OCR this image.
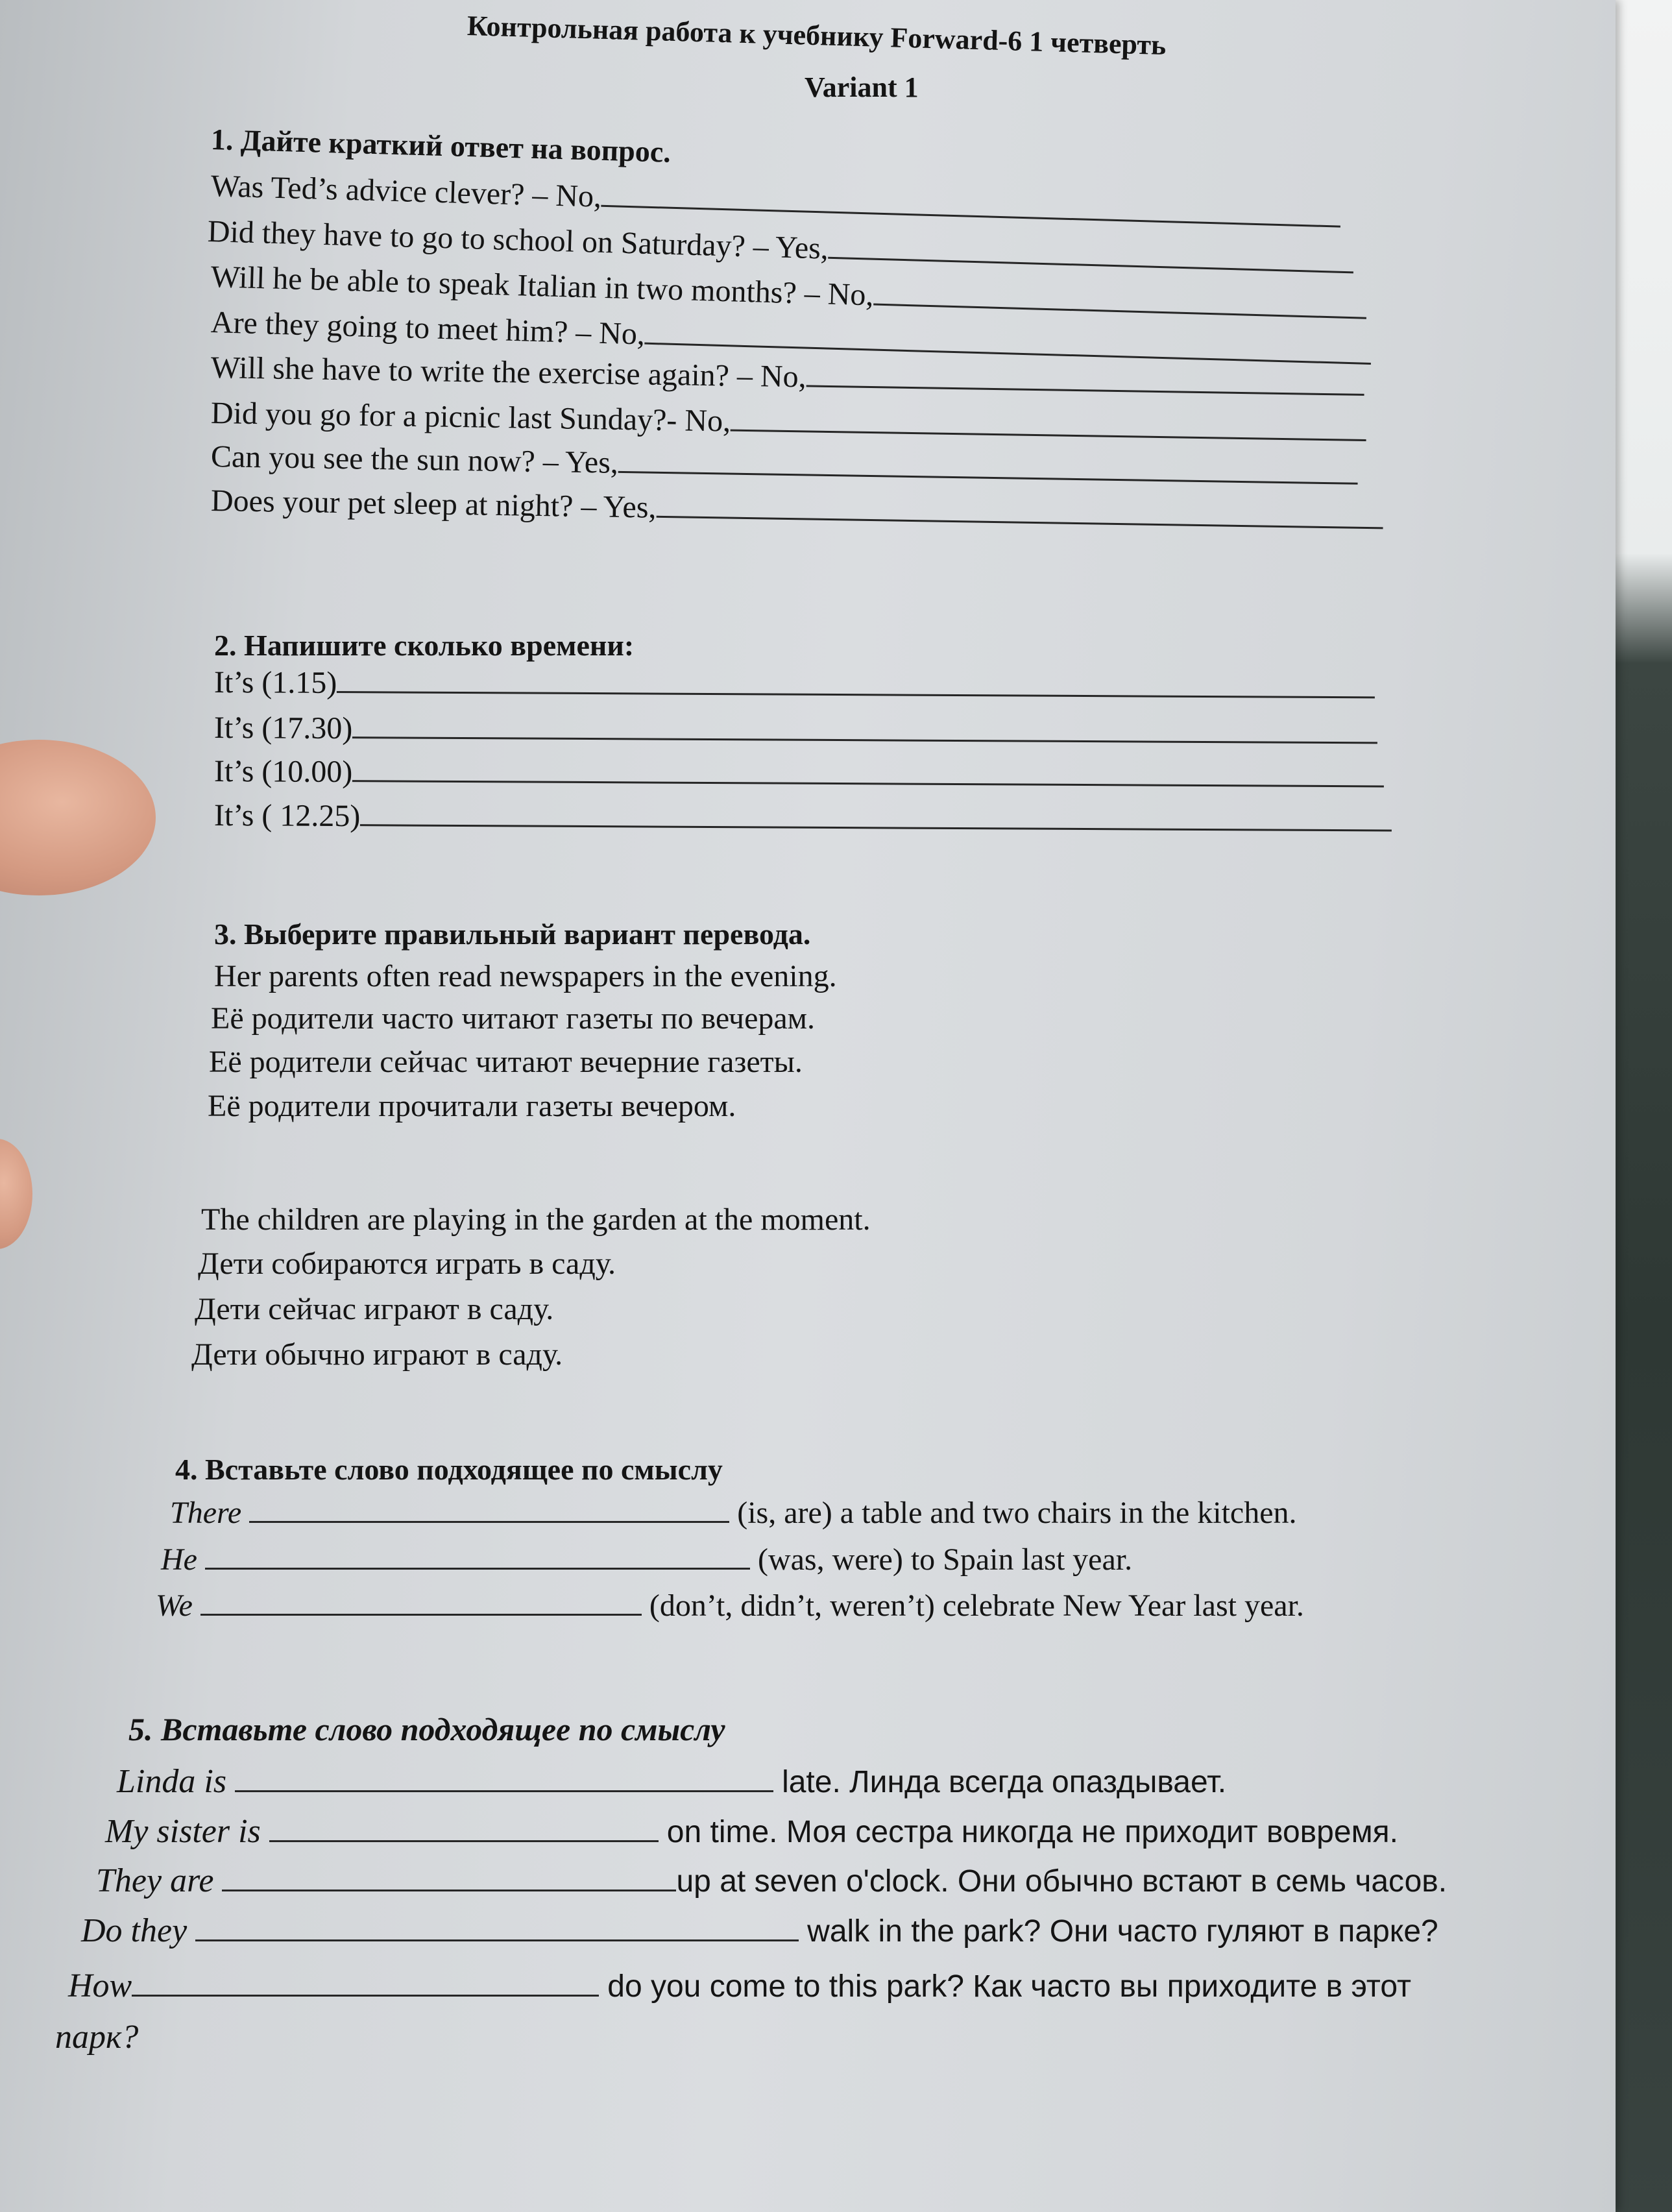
Контрольная работа к учебнику Forward-6 1 четверть
Variant 1
1. Дайте краткий ответ на вопрос.
Was Ted’s advice clever? – No,
Did they have to go to school on Saturday? – Yes,
Will he be able to speak Italian in two months? – No,
Are they going to meet him? – No,
Will she have to write the exercise again? – No,
Did you go for a picnic last Sunday?- No,
Can you see the sun now? – Yes,
Does your pet sleep at night? – Yes,
2. Напишите сколько времени:
It’s (1.15)
It’s (17.30)
It’s (10.00)
It’s ( 12.25)
3. Выберите правильный вариант перевода.
Her parents often read newspapers in the evening.
Её родители часто читают газеты по вечерам.
Её родители сейчас читают вечерние газеты.
Её родители прочитали газеты вечером.
The children are playing in the garden at the moment.
Дети собираются играть в саду.
Дети сейчас играют в саду.
Дети обычно играют в саду.
4. Вставьте слово подходящее по смыслу
There	(is, are) a table and two chairs in the kitchen.
He	(was, were) to Spain last year.
We	(don’t, didn’t, weren’t) celebrate New Year last year.
5. Вставьте слово подходящее по смыслу
Linda is	late. Линда всегда опаздывает.
My sister is	on time. Моя сестра никогда не приходит вовремя.
They are	up at seven o'clock. Они обычно встают в семь часов.
Do they	walk in the park? Они часто гуляют в парке?
How	do you come to this park? Как часто вы приходите в этот
парк?
